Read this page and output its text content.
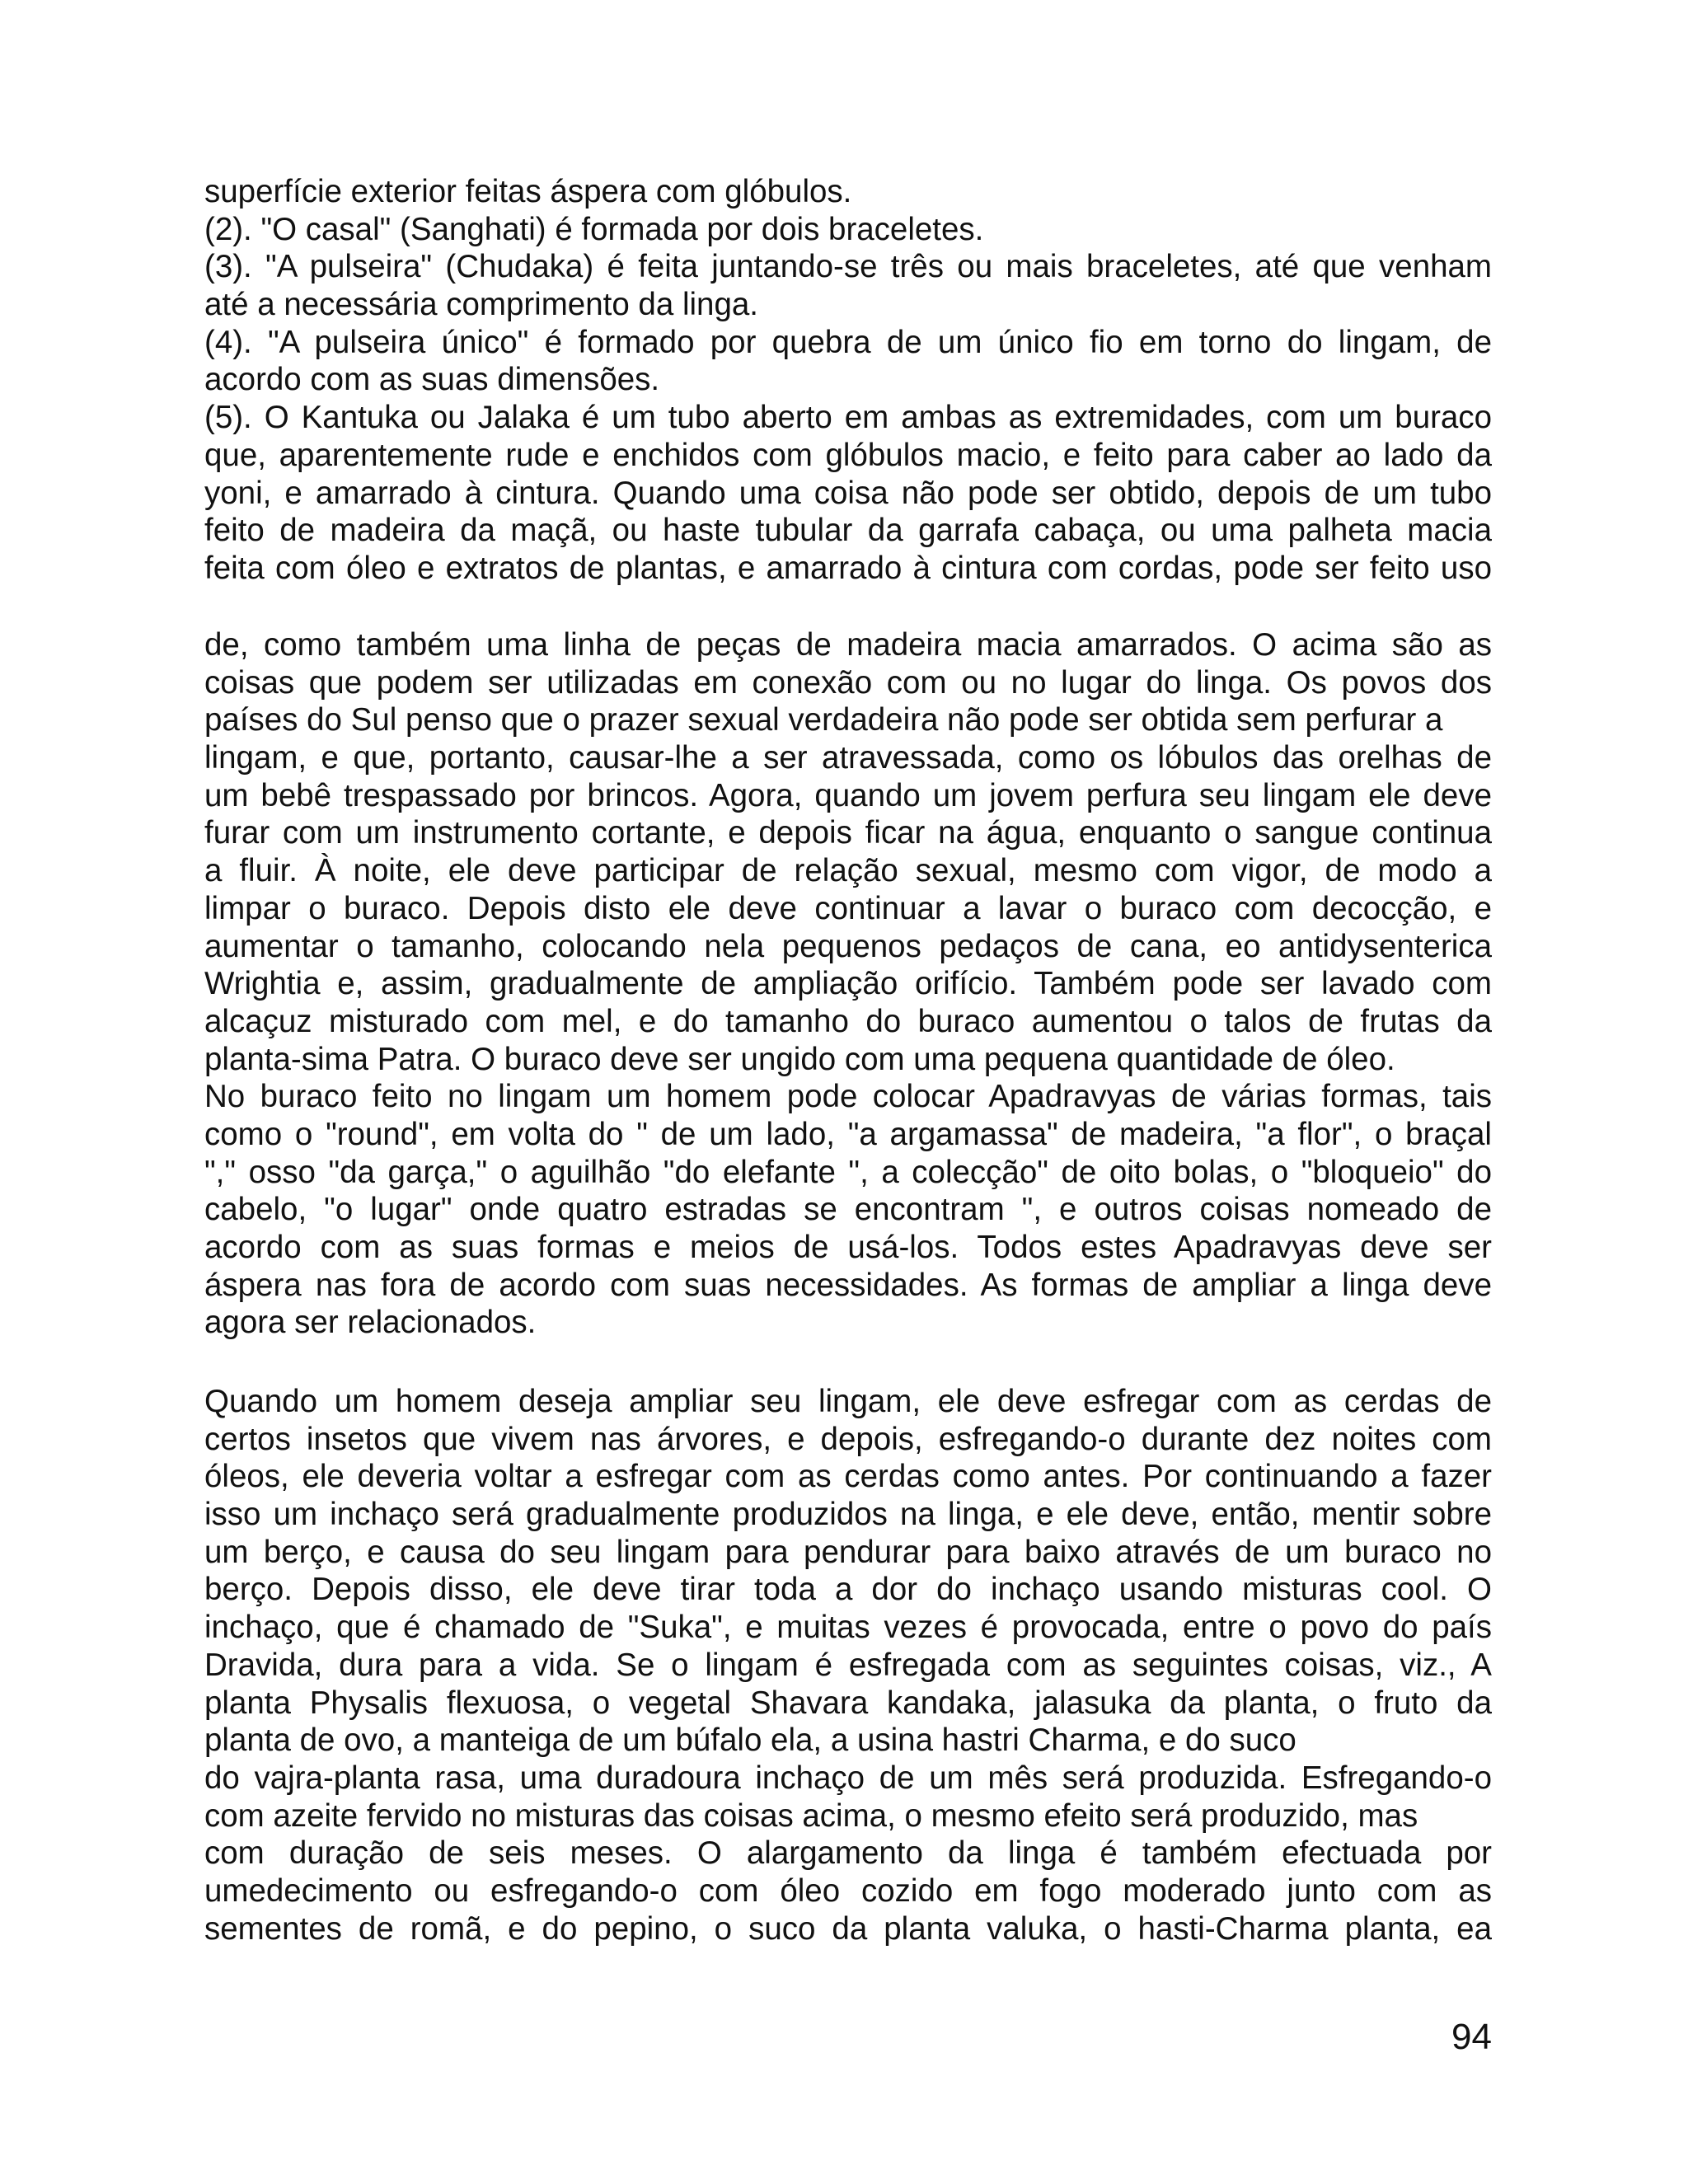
superfície exterior feitas áspera com glóbulos.
(2). "O casal" (Sanghati) é formada por dois braceletes.
(3). "A pulseira" (Chudaka) é feita juntando-se três ou mais braceletes, até que venham
até a necessária comprimento da linga.
(4). "A pulseira único" é formado por quebra de um único fio em torno do lingam, de
acordo com as suas dimensões.
(5). O Kantuka ou Jalaka é um tubo aberto em ambas as extremidades, com um buraco
que, aparentemente rude e enchidos com glóbulos macio, e feito para caber ao lado da
yoni, e amarrado à cintura. Quando uma coisa não pode ser obtido, depois de um tubo
feito de madeira da maçã, ou haste tubular da garrafa cabaça, ou uma palheta macia
feita com óleo e extratos de plantas, e amarrado à cintura com cordas, pode ser feito uso
de, como também uma linha de peças de madeira macia amarrados. O acima são as
coisas que podem ser utilizadas em conexão com ou no lugar do linga. Os povos dos
países do Sul penso que o prazer sexual verdadeira não pode ser obtida sem perfurar a
lingam, e que, portanto, causar-lhe a ser atravessada, como os lóbulos das orelhas de
um bebê trespassado por brincos. Agora, quando um jovem perfura seu lingam ele deve
furar com um instrumento cortante, e depois ficar na água, enquanto o sangue continua
a fluir. À noite, ele deve participar de relação sexual, mesmo com vigor, de modo a
limpar o buraco. Depois disto ele deve continuar a lavar o buraco com decocção, e
aumentar o tamanho, colocando nela pequenos pedaços de cana, eo antidysenterica
Wrightia e, assim, gradualmente de ampliação orifício. Também pode ser lavado com
alcaçuz misturado com mel, e do tamanho do buraco aumentou o talos de frutas da
planta-sima Patra. O buraco deve ser ungido com uma pequena quantidade de óleo.
No buraco feito no lingam um homem pode colocar Apadravyas de várias formas, tais
como o "round", em volta do " de um lado, "a argamassa" de madeira, "a flor", o braçal
"," osso "da garça," o aguilhão "do elefante ", a colecção" de oito bolas, o "bloqueio" do
cabelo, "o lugar" onde quatro estradas se encontram ", e outros coisas nomeado de
acordo com as suas formas e meios de usá-los. Todos estes Apadravyas deve ser
áspera nas fora de acordo com suas necessidades. As formas de ampliar a linga deve
agora ser relacionados.
Quando um homem deseja ampliar seu lingam, ele deve esfregar com as cerdas de
certos insetos que vivem nas árvores, e depois, esfregando-o durante dez noites com
óleos, ele deveria voltar a esfregar com as cerdas como antes. Por continuando a fazer
isso um inchaço será gradualmente produzidos na linga, e ele deve, então, mentir sobre
um berço, e causa do seu lingam para pendurar para baixo através de um buraco no
berço. Depois disso, ele deve tirar toda a dor do inchaço usando misturas cool. O
inchaço, que é chamado de "Suka", e muitas vezes é provocada, entre o povo do país
Dravida, dura para a vida. Se o lingam é esfregada com as seguintes coisas, viz., A
planta Physalis flexuosa, o vegetal Shavara kandaka, jalasuka da planta, o fruto da
planta de ovo, a manteiga de um búfalo ela, a usina hastri Charma, e do suco
do vajra-planta rasa, uma duradoura inchaço de um mês será produzida. Esfregando-o
com azeite fervido no misturas das coisas acima, o mesmo efeito será produzido, mas
com duração de seis meses. O alargamento da linga é também efectuada por
umedecimento ou esfregando-o com óleo cozido em fogo moderado junto com as
sementes de romã, e do pepino, o suco da planta valuka, o hasti-Charma planta, ea
94
